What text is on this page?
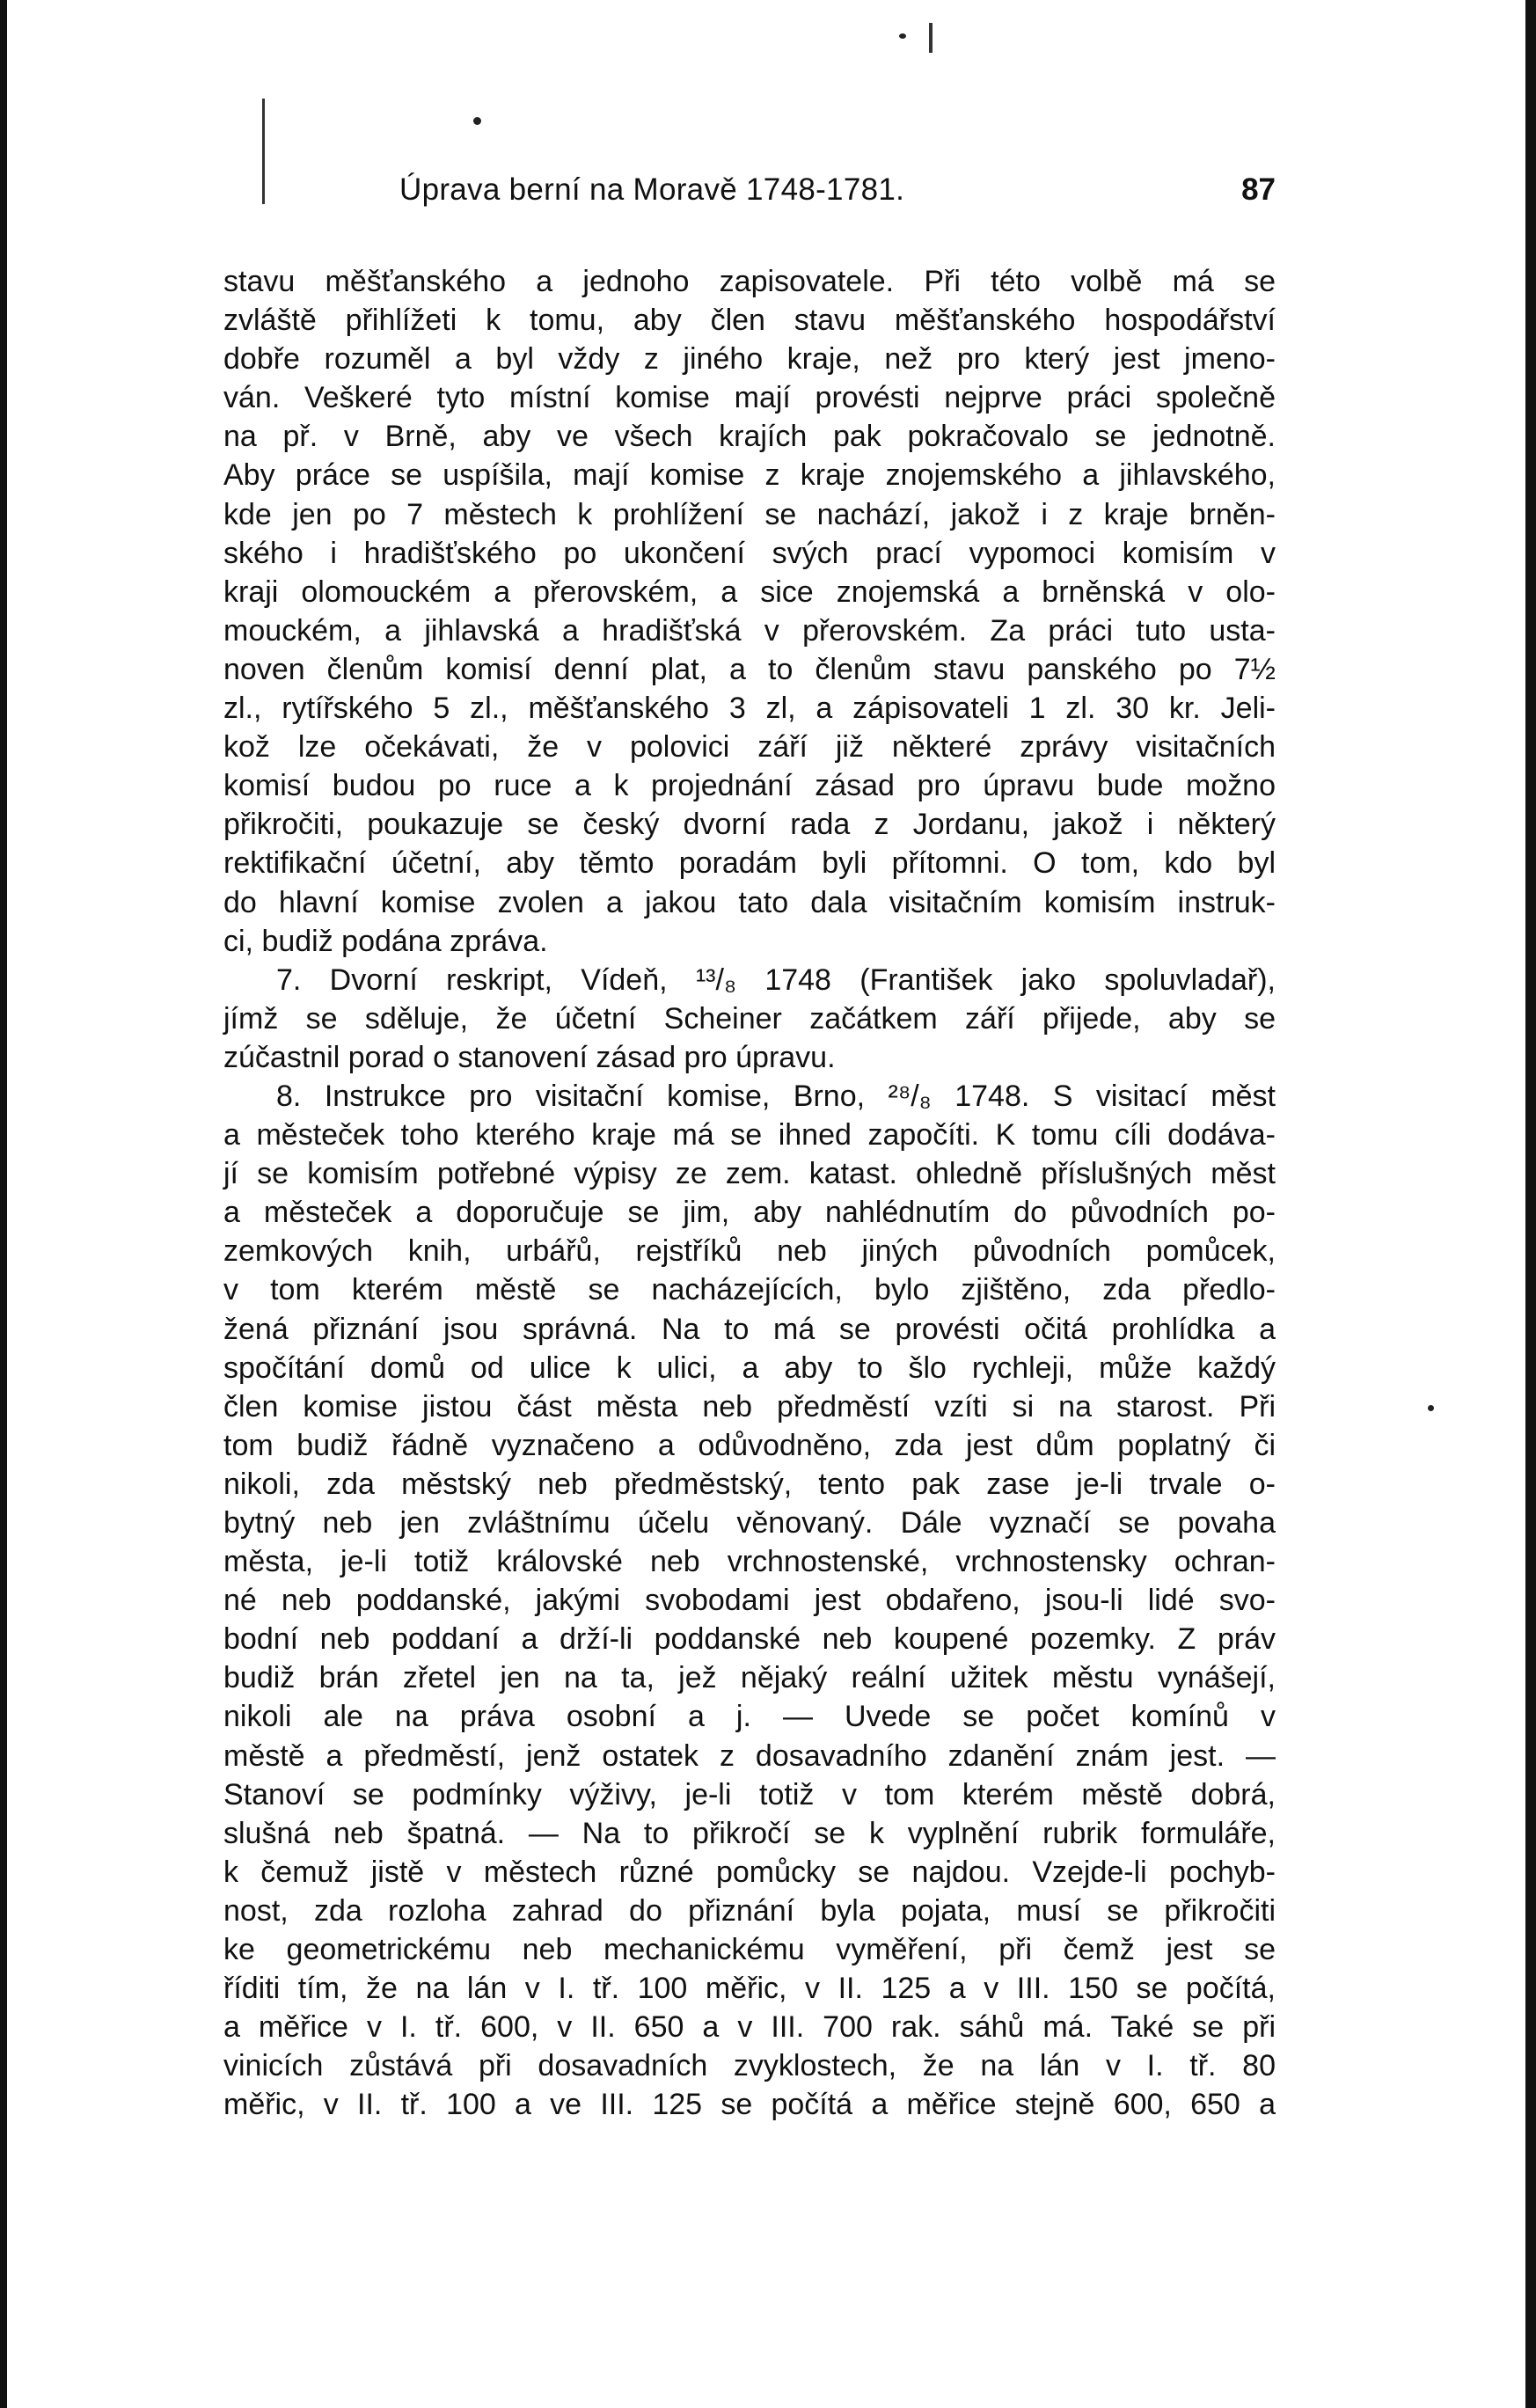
Úprava berní na Moravě 1748-1781.	87
stavu měšťanského a jednoho zapisovatele. Při této volbě má se
zvláště přihlížeti k tomu, aby člen stavu měšťanského hospodářství
dobře rozuměl a byl vždy z jiného kraje, než pro který jest jmeno-
ván. Veškeré tyto místní komise mají provésti nejprve práci společně
na př. v Brně, aby ve všech krajích pak pokračovalo se jednotně.
Aby práce se uspíšila, mají komise z kraje znojemského a jihlavského,
kde jen po 7 městech k prohlížení se nachází, jakož i z kraje brněn-
ského i hradišťského po ukončení svých prací vypomoci komisím v
kraji olomouckém a přerovském, a sice znojemská a brněnská v olo-
mouckém, a jihlavská a hradišťská v přerovském. Za práci tuto usta-
noven členům komisí denní plat, a to členům stavu panského po 7½
zl., rytířského 5 zl., měšťanského 3 zl, a zápisovateli 1 zl. 30 kr. Jeli-
kož lze očekávati, že v polovici září již některé zprávy visitačních
komisí budou po ruce a k projednání zásad pro úpravu bude možno
přikročiti, poukazuje se český dvorní rada z Jordanu, jakož i některý
rektifikační účetní, aby těmto poradám byli přítomni. O tom, kdo byl
do hlavní komise zvolen a jakou tato dala visitačním komisím instruk-
ci, budiž podána zpráva.
7. Dvorní reskript, Vídeň, ¹³/₈ 1748 (František jako spoluvladař),
jímž se sděluje, že účetní Scheiner začátkem září přijede, aby se
zúčastnil porad o stanovení zásad pro úpravu.
8. Instrukce pro visitační komise, Brno, ²⁸/₈ 1748. S visitací měst
a městeček toho kterého kraje má se ihned započíti. K tomu cíli dodáva-
jí se komisím potřebné výpisy ze zem. katast. ohledně příslušných měst
a městeček a doporučuje se jim, aby nahlédnutím do původních po-
zemkových knih, urbářů, rejstříků neb jiných původních pomůcek,
v tom kterém městě se nacházejících, bylo zjištěno, zda předlo-
žená přiznání jsou správná. Na to má se provésti očitá prohlídka a
spočítání domů od ulice k ulici, a aby to šlo rychleji, může každý
člen komise jistou část města neb předměstí vzíti si na starost. Při
tom budiž řádně vyznačeno a odůvodněno, zda jest dům poplatný či
nikoli, zda městský neb předměstský, tento pak zase je-li trvale o-
bytný neb jen zvláštnímu účelu věnovaný. Dále vyznačí se povaha
města, je-li totiž královské neb vrchnostenské, vrchnostensky ochran-
né neb poddanské, jakými svobodami jest obdařeno, jsou-li lidé svo-
bodní neb poddaní a drží-li poddanské neb koupené pozemky. Z práv
budiž brán zřetel jen na ta, jež nějaký reální užitek městu vynášejí,
nikoli ale na práva osobní a j. — Uvede se počet komínů v
městě a předměstí, jenž ostatek z dosavadního zdanění znám jest. —
Stanoví se podmínky výživy, je-li totiž v tom kterém městě dobrá,
slušná neb špatná. — Na to přikročí se k vyplnění rubrik formuláře,
k čemuž jistě v městech různé pomůcky se najdou. Vzejde-li pochyb-
nost, zda rozloha zahrad do přiznání byla pojata, musí se přikročiti
ke geometrickému neb mechanickému vyměření, při čemž jest se
říditi tím, že na lán v I. tř. 100 měřic, v II. 125 a v III. 150 se počítá,
a měřice v I. tř. 600, v II. 650 a v III. 700 rak. sáhů má. Také se při
vinicích zůstává při dosavadních zvyklostech, že na lán v I. tř. 80
měřic, v II. tř. 100 a ve III. 125 se počítá a měřice stejně 600, 650 a
